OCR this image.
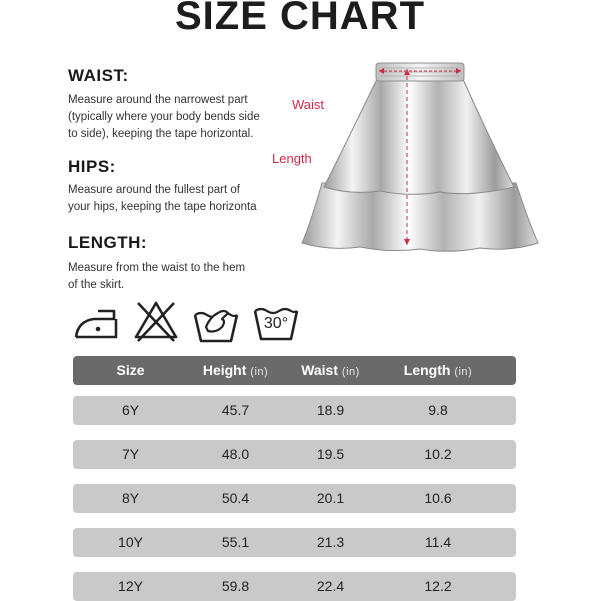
SIZE CHART
WAIST:
Measure around the narrowest part
(typically where your body bends side
to side), keeping the tape horizontal.
HIPS:
Measure around the fullest part of
your hips, keeping the tape horizonta
LENGTH:
Measure from the waist to the hem
of the skirt.
Waist
Length
30°
Size	Height (in)	Waist (in)	Length (in)
6Y	45.7	18.9	9.8
7Y	48.0	19.5	10.2
8Y	50.4	20.1	10.6
10Y	55.1	21.3	11.4
12Y	59.8	22.4	12.2
